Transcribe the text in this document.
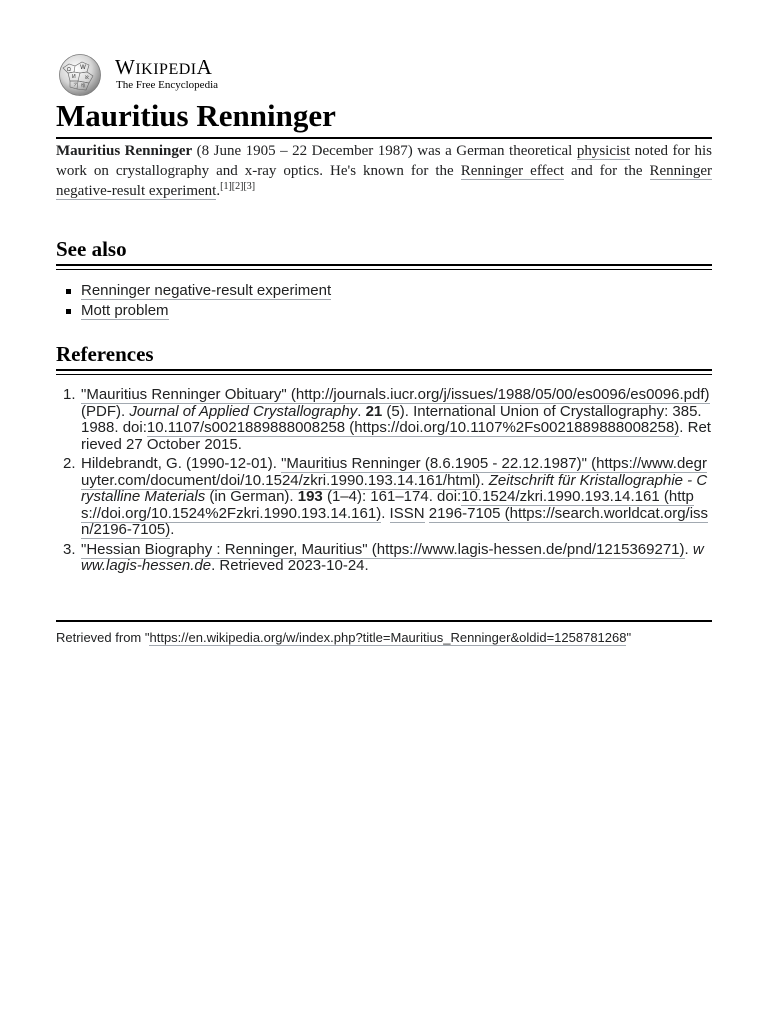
Ω W
И ℵ
ア 维
WIKIPEDIA
The Free Encyclopedia
Mauritius Renninger

Mauritius Renninger (8 June 1905 – 22 December 1987) was a German theoretical physicist noted for his work on crystallography and x-ray optics. He's known for the Renninger effect and for the Renninger negative-result experiment.[1][2][3]

See also
Renninger negative-result experiment
Mott problem
References
1. "Mauritius Renninger Obituary" (http://journals.iucr.org/j/issues/1988/05/00/es0096/es0096.pdf) (PDF). Journal of Applied Crystallography. 21 (5). International Union of Crystallography: 385. 1988. doi:10.1107/s0021889888008258 (https://doi.org/10.1107%2Fs0021889888008258). Retrieved 27 October 2015.
2. Hildebrandt, G. (1990-12-01). "Mauritius Renninger (8.6.1905 - 22.12.1987)" (https://www.degruyter.com/document/doi/10.1524/zkri.1990.193.14.161/html). Zeitschrift für Kristallographie - Crystalline Materials (in German). 193 (1–4): 161–174. doi:10.1524/zkri.1990.193.14.161 (https://doi.org/10.1524%2Fzkri.1990.193.14.161). ISSN 2196-7105 (https://search.worldcat.org/issn/2196-7105).
3. "Hessian Biography : Renninger, Mauritius" (https://www.lagis-hessen.de/pnd/1215369271). www.lagis-hessen.de. Retrieved 2023-10-24.
Retrieved from "https://en.wikipedia.org/w/index.php?title=Mauritius_Renninger&oldid=1258781268"
